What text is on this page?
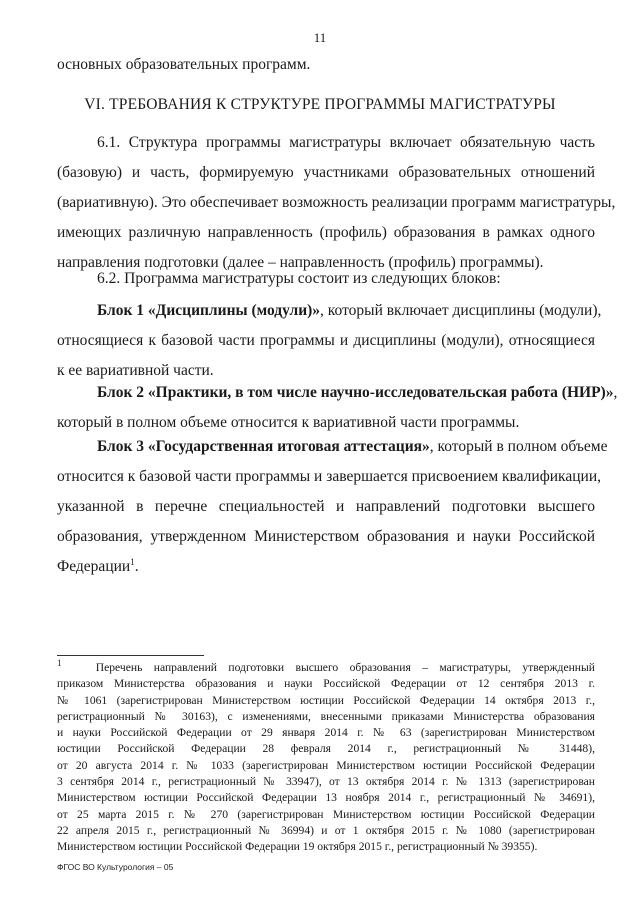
11
основных образовательных программ.
VI. ТРЕБОВАНИЯ К СТРУКТУРЕ ПРОГРАММЫ МАГИСТРАТУРЫ
6.1. Структура программы магистратуры включает обязательную часть
(базовую) и часть, формируемую участниками образовательных отношений
(вариативную). Это обеспечивает возможность реализации программ магистратуры,
имеющих различную направленность (профиль) образования в рамках одного
направления подготовки (далее – направленность (профиль) программы).
6.2. Программа магистратуры состоит из следующих блоков:
Блок 1 «Дисциплины (модули)», который включает дисциплины (модули),
относящиеся к базовой части программы и дисциплины (модули), относящиеся
к ее вариативной части.
Блок 2 «Практики, в том числе научно-исследовательская работа (НИР)»,
который в полном объеме относится к вариативной части программы.
Блок 3 «Государственная итоговая аттестация», который в полном объеме
относится к базовой части программы и завершается присвоением квалификации,
указанной в перечне специальностей и направлений подготовки высшего
образования, утвержденном Министерством образования и науки Российской
Федерации$^1$.
$^1$	Перечень направлений подготовки высшего образования – магистратуры, утвержденный
приказом Министерства образования и науки Российской Федерации от 12 сентября 2013 г.
№ 1061 (зарегистрирован Министерством юстиции Российской Федерации 14 октября 2013 г.,
регистрационный № 30163), с изменениями, внесенными приказами Министерства образования
и науки Российской Федерации от 29 января 2014 г. № 63 (зарегистрирован Министерством
юстиции Российской Федерации 28 февраля 2014 г., регистрационный № 31448),
от 20 августа 2014 г. № 1033 (зарегистрирован Министерством юстиции Российской Федерации
3 сентября 2014 г., регистрационный № 33947), от 13 октября 2014 г. № 1313 (зарегистрирован
Министерством юстиции Российской Федерации 13 ноября 2014 г., регистрационный № 34691),
от 25 марта 2015 г. № 270 (зарегистрирован Министерством юстиции Российской Федерации
22 апреля 2015 г., регистрационный № 36994) и от 1 октября 2015 г. № 1080 (зарегистрирован
Министерством юстиции Российской Федерации 19 октября 2015 г., регистрационный № 39355).
ФГОС ВО Культурология – 05
